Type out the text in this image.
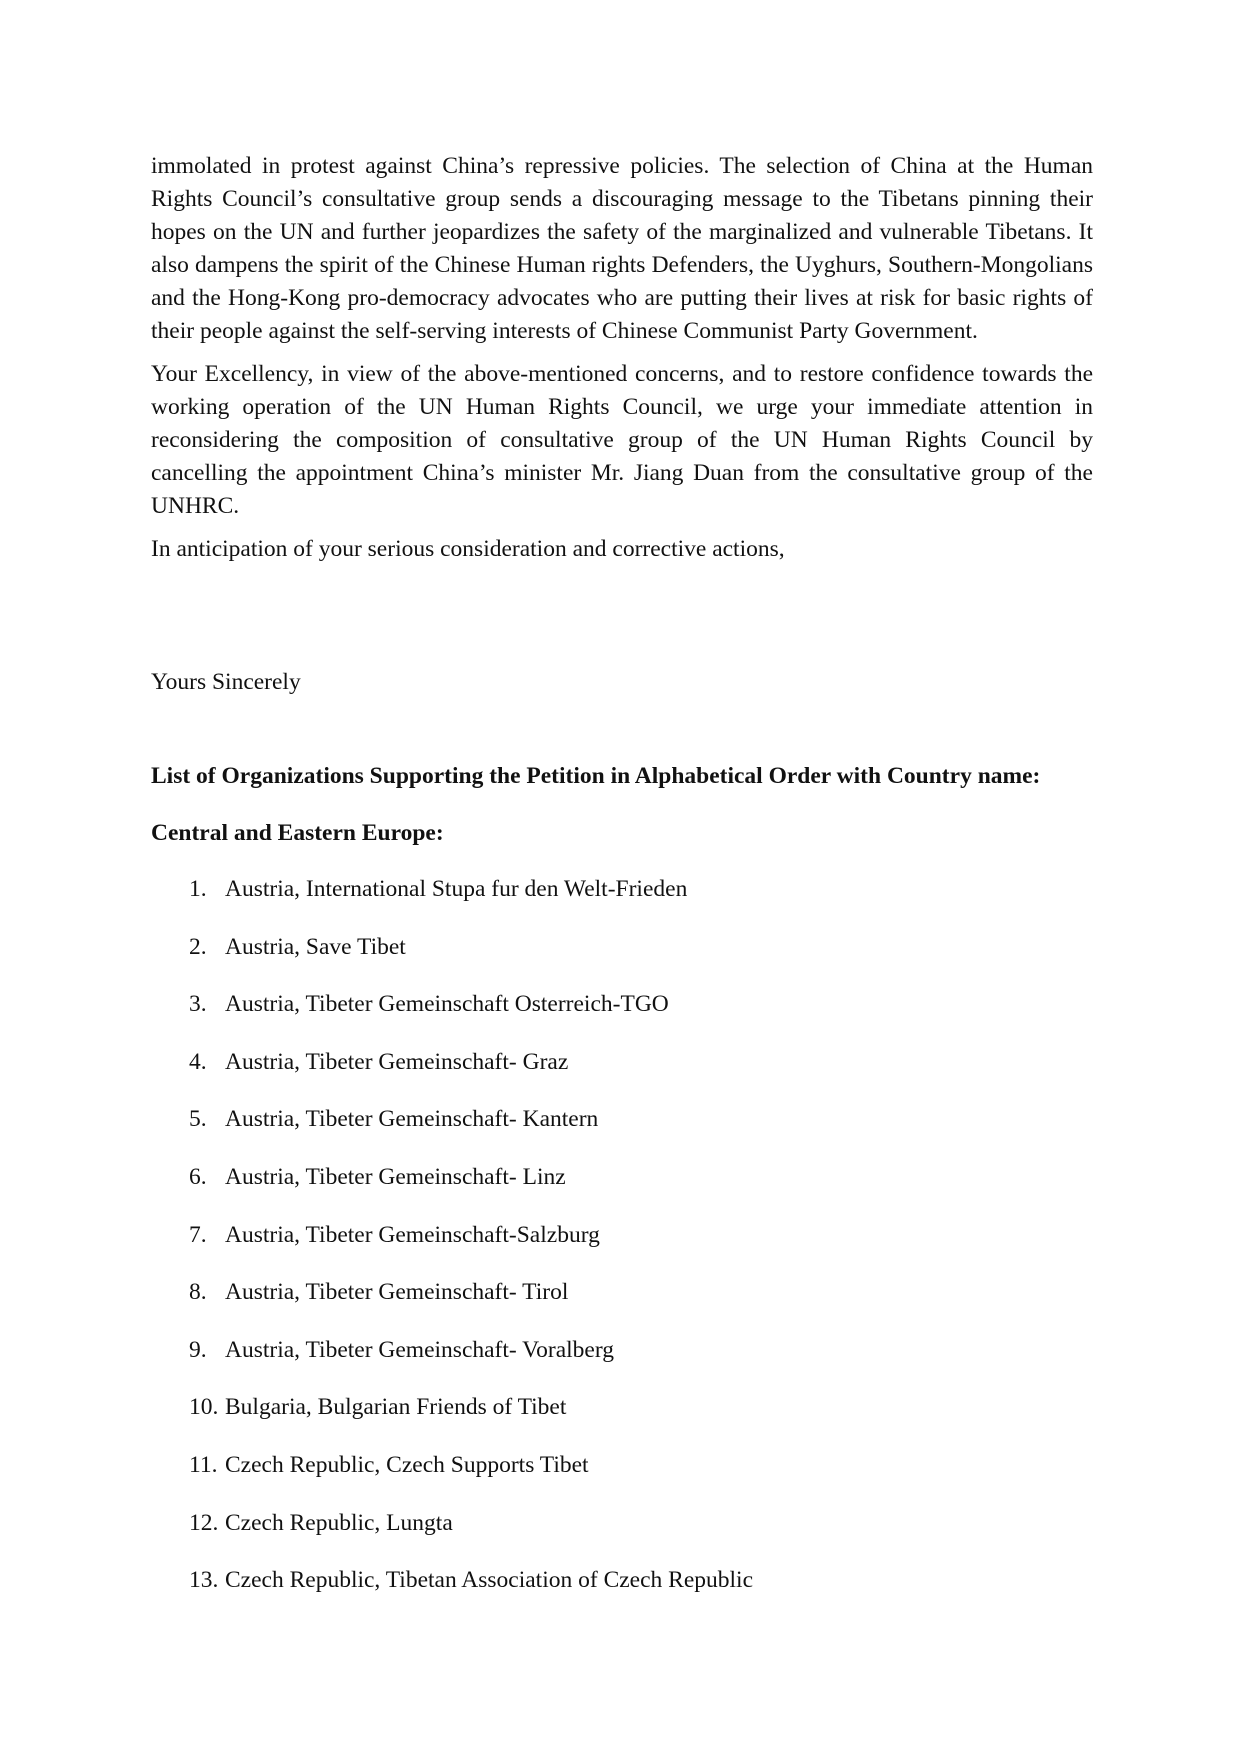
immolated in protest against China’s repressive policies. The selection of China at the Human Rights Council’s consultative group sends a discouraging message to the Tibetans pinning their hopes on the UN and further jeopardizes the safety of the marginalized and vulnerable Tibetans. It also dampens the spirit of the Chinese Human rights Defenders, the Uyghurs, Southern-Mongolians and the Hong-Kong pro-democracy advocates who are putting their lives at risk for basic rights of their people against the self-serving interests of Chinese Communist Party Government.

Your Excellency, in view of the above-mentioned concerns, and to restore confidence towards the working operation of the UN Human Rights Council, we urge your immediate attention in reconsidering the composition of consultative group of the UN Human Rights Council by cancelling the appointment China’s minister Mr. Jiang Duan from the consultative group of the UNHRC.

In anticipation of your serious consideration and corrective actions,

Yours Sincerely

List of Organizations Supporting the Petition in Alphabetical Order with Country name:

Central and Eastern Europe:

1. Austria, International Stupa fur den Welt-Frieden
2. Austria, Save Tibet
3. Austria, Tibeter Gemeinschaft Osterreich-TGO
4. Austria, Tibeter Gemeinschaft- Graz
5. Austria, Tibeter Gemeinschaft- Kantern
6. Austria, Tibeter Gemeinschaft- Linz
7. Austria, Tibeter Gemeinschaft-Salzburg
8. Austria, Tibeter Gemeinschaft- Tirol
9. Austria, Tibeter Gemeinschaft- Voralberg
10. Bulgaria, Bulgarian Friends of Tibet
11. Czech Republic, Czech Supports Tibet
12. Czech Republic, Lungta
13. Czech Republic, Tibetan Association of Czech Republic
